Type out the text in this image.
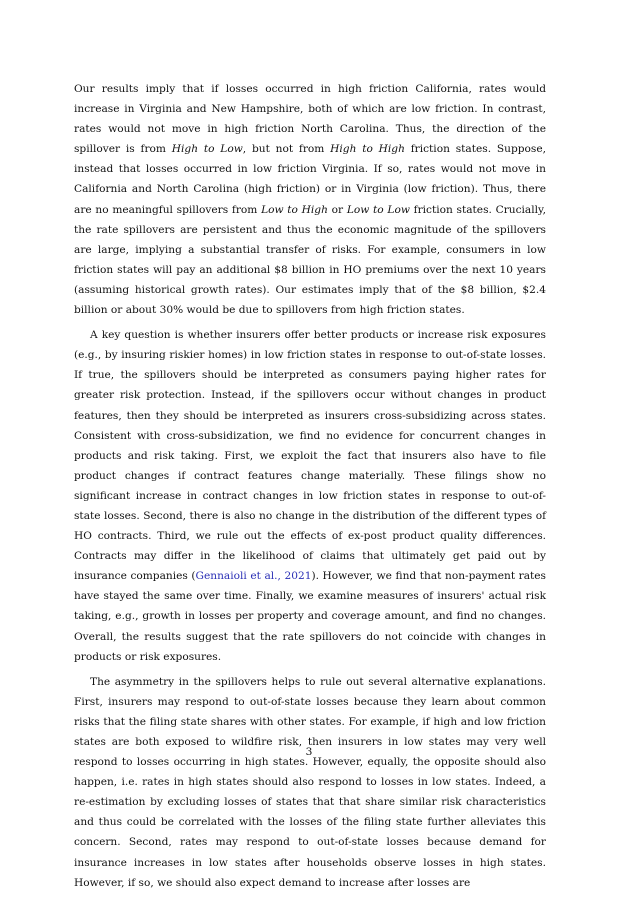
Our results imply that if losses occurred in high friction California, rates would increase in Virginia and New Hampshire, both of which are low friction. In contrast, rates would not move in high friction North Carolina. Thus, the direction of the spillover is from High to Low, but not from High to High friction states. Suppose, instead that losses occurred in low friction Virginia. If so, rates would not move in California and North Carolina (high friction) or in Virginia (low friction). Thus, there are no meaningful spillovers from Low to High or Low to Low friction states. Crucially, the rate spillovers are persistent and thus the economic magnitude of the spillovers are large, implying a substantial transfer of risks. For example, consumers in low friction states will pay an additional $8 billion in HO premiums over the next 10 years (assuming historical growth rates). Our estimates imply that of the $8 billion, $2.4 billion or about 30% would be due to spillovers from high friction states.

A key question is whether insurers offer better products or increase risk exposures (e.g., by insuring riskier homes) in low friction states in response to out-of-state losses. If true, the spillovers should be interpreted as consumers paying higher rates for greater risk protection. Instead, if the spillovers occur without changes in product features, then they should be interpreted as insurers cross-subsidizing across states. Consistent with cross-subsidization, we find no evidence for concurrent changes in products and risk taking. First, we exploit the fact that insurers also have to file product changes if contract features change materially. These filings show no significant increase in contract changes in low friction states in response to out-of-state losses. Second, there is also no change in the distribution of the different types of HO contracts. Third, we rule out the effects of ex-post product quality differences. Contracts may differ in the likelihood of claims that ultimately get paid out by insurance companies (Gennaioli et al., 2021). However, we find that non-payment rates have stayed the same over time. Finally, we examine measures of insurers' actual risk taking, e.g., growth in losses per property and coverage amount, and find no changes. Overall, the results suggest that the rate spillovers do not coincide with changes in products or risk exposures.

The asymmetry in the spillovers helps to rule out several alternative explanations. First, insurers may respond to out-of-state losses because they learn about common risks that the filing state shares with other states. For example, if high and low friction states are both exposed to wildfire risk, then insurers in low states may very well respond to losses occurring in high states. However, equally, the opposite should also happen, i.e. rates in high states should also respond to losses in low states. Indeed, a re-estimation by excluding losses of states that that share similar risk characteristics and thus could be correlated with the losses of the filing state further alleviates this concern. Second, rates may respond to out-of-state losses because demand for insurance increases in low states after households observe losses in high states. However, if so, we should also expect demand to increase after losses are

3
